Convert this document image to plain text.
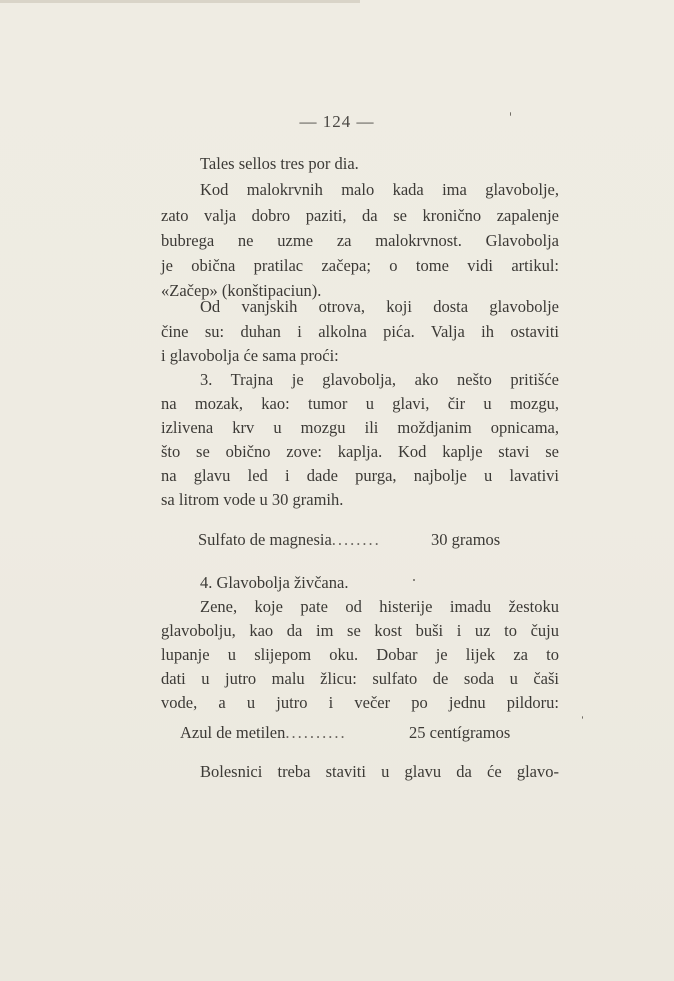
— 124 —
Tales sellos tres por dia.
Kod malokrvnih malo kada ima glavobolje,
zato valja dobro paziti, da se kronično zapalenje
bubrega ne uzme za malokrvnost. Glavobolja
je obična pratilac začepa; o tome vidi artikul:
«Začep» (konštipaciun).
Od vanjskih otrova, koji dosta glavobolje
čine su: duhan i alkolna pića. Valja ih ostaviti
i glavobolja će sama proći:
3. Trajna je glavobolja, ako nešto pritišće
na mozak, kao: tumor u glavi, čir u mozgu,
izlivena krv u mozgu ili moždjanim opnicama,
što se obično zove: kaplja. Kod kaplje stavi se
na glavu led i dade purga, najbolje u lavativi
sa litrom vode u 30 gramih.
Sulfato de magnesia........	30 gramos
4. Glavobolja živčana.
Zene, koje pate od histerije imadu žestoku
glavobolju, kao da im se kost buši i uz to čuju
lupanje u slijepom oku. Dobar je lijek za to
dati u jutro malu žlicu: sulfato de soda u čaši
vode, a u jutro i večer po jednu pildoru:
Azul de metilen..........	25 centígramos
Bolesnici treba staviti u glavu da će glavo-
